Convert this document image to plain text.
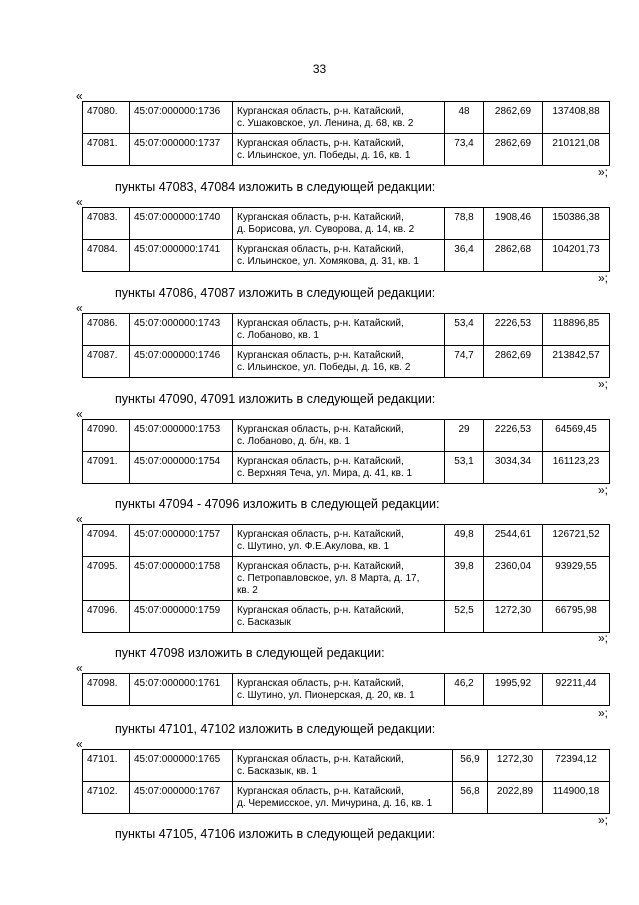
33
«
47080.	45:07:000000:1736	Курганская область, р-н. Катайский,
с. Ушаковское, ул. Ленина, д. 68, кв. 2	48	2862,69	137408,88
47081.	45:07:000000:1737	Курганская область, р-н. Катайский,
с. Ильинское, ул. Победы, д. 16, кв. 1	73,4	2862,69	210121,08
»;
пункты 47083, 47084 изложить в следующей редакции:
«
47083.	45:07:000000:1740	Курганская область, р-н. Катайский,
д. Борисова, ул. Суворова, д. 14, кв. 2	78,8	1908,46	150386,38
47084.	45:07:000000:1741	Курганская область, р-н. Катайский,
с. Ильинское, ул. Хомякова, д. 31, кв. 1	36,4	2862,68	104201,73
»;
пункты 47086, 47087 изложить в следующей редакции:
«
47086.	45:07:000000:1743	Курганская область, р-н. Катайский,
с. Лобаново, кв. 1	53,4	2226,53	118896,85
47087.	45:07:000000:1746	Курганская область, р-н. Катайский,
с. Ильинское, ул. Победы, д. 16, кв. 2	74,7	2862,69	213842,57
»;
пункты 47090, 47091 изложить в следующей редакции:
«
47090.	45:07:000000:1753	Курганская область, р-н. Катайский,
с. Лобаново, д. б/н, кв. 1	29	2226,53	64569,45
47091.	45:07:000000:1754	Курганская область, р-н. Катайский,
с. Верхняя Теча, ул. Мира, д. 41, кв. 1	53,1	3034,34	161123,23
»;
пункты 47094 - 47096 изложить в следующей редакции:
«
47094.	45:07:000000:1757	Курганская область, р-н. Катайский,
с. Шутино, ул. Ф.Е.Акулова, кв. 1	49,8	2544,61	126721,52
47095.	45:07:000000:1758	Курганская область, р-н. Катайский,
с. Петропавловское, ул. 8 Марта, д. 17,
кв. 2	39,8	2360,04	93929,55
47096.	45:07:000000:1759	Курганская область, р-н. Катайский,
с. Басказык	52,5	1272,30	66795,98
»;
пункт 47098 изложить в следующей редакции:
«
47098.	45:07:000000:1761	Курганская область, р-н. Катайский,
с. Шутино, ул. Пионерская, д. 20, кв. 1
	46,2	1995,92	92211,44
»;
пункты 47101, 47102 изложить в следующей редакции:
«
47101.	45:07:000000:1765	Курганская область, р-н. Катайский,
с. Басказык, кв. 1	56,9	1272,30	72394,12
47102.	45:07:000000:1767	Курганская область, р-н. Катайский,
д. Черемисское, ул. Мичурина, д. 16, кв. 1	56,8	2022,89	114900,18
»;
пункты 47105, 47106 изложить в следующей редакции:
